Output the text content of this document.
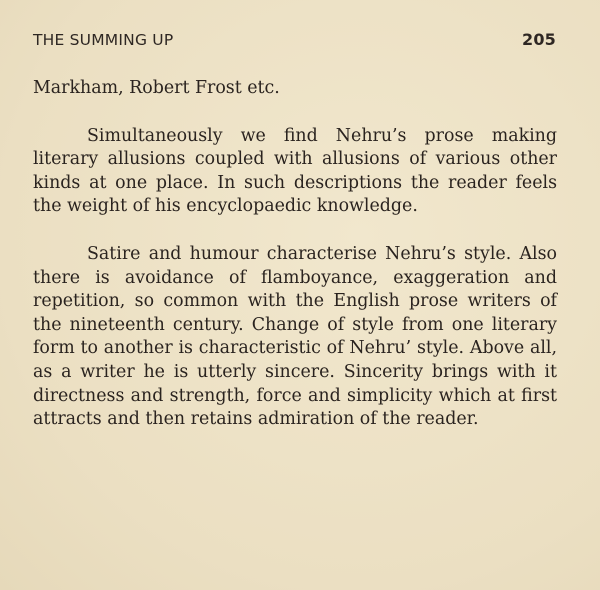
THE SUMMING UP	205

Markham, Robert Frost etc.

Simultaneously we find Nehru’s prose making literary allusions coupled with allusions of various other kinds at one place. In such descriptions the reader feels the weight of his encyclopaedic knowledge.

Satire and humour characterise Nehru’s style. Also there is avoidance of flamboyance, exaggeration and repetition, so common with the English prose writers of the nineteenth century. Change of style from one literary form to another is characteristic of Nehru’ style. Above all, as a writer he is utterly sincere. Sincerity brings with it directness and strength, force and simplicity which at first attracts and then retains admiration of the reader.
